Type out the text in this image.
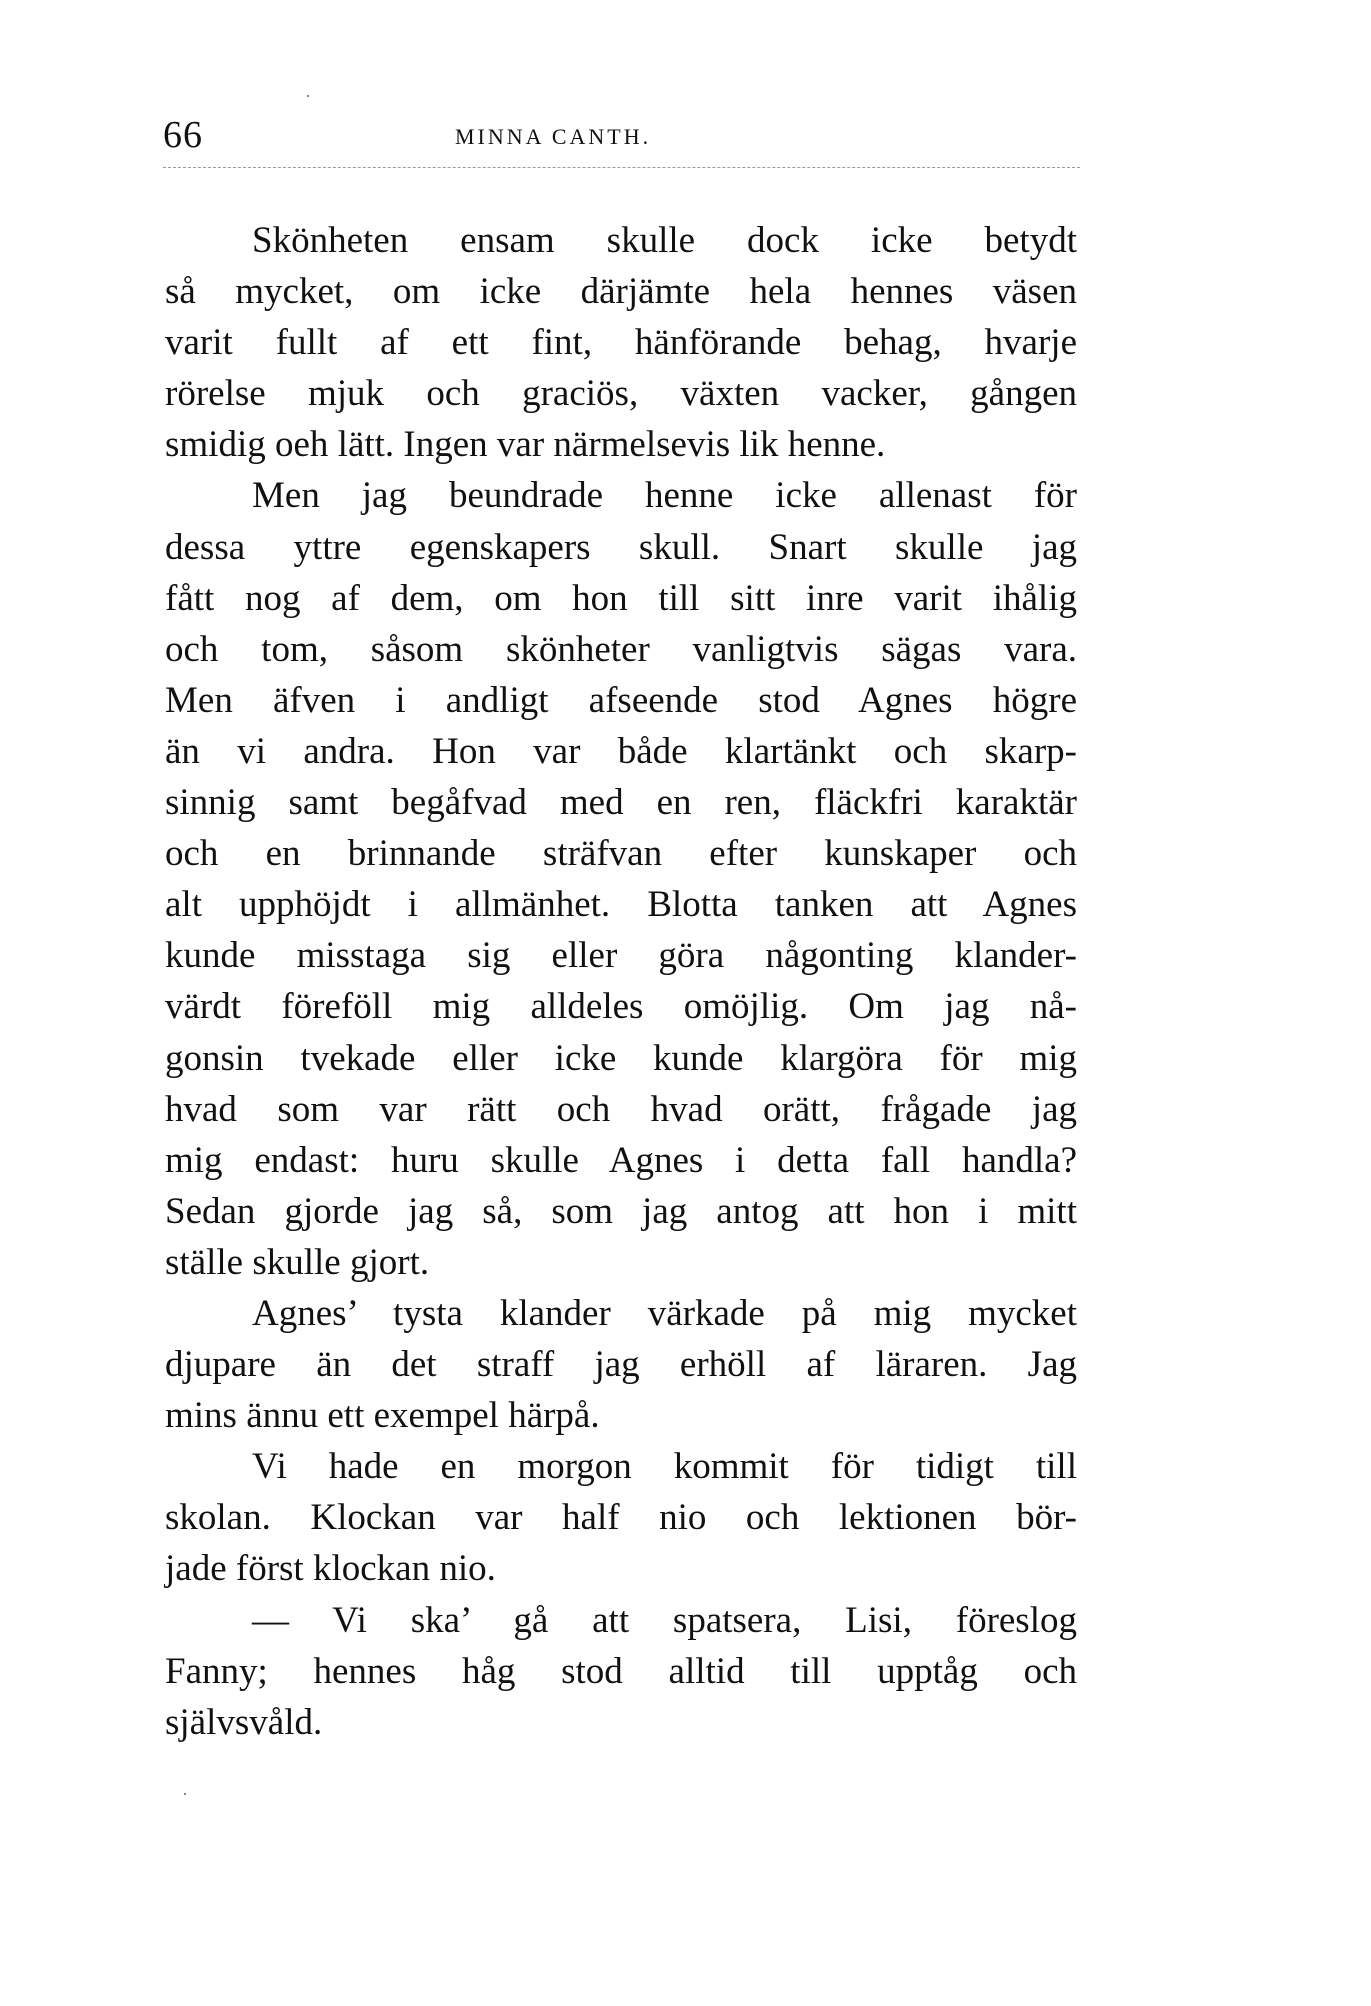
66	MINNA CANTH.
Skönheten ensam skulle dock icke betydt
så mycket, om icke därjämte hela hennes väsen
varit fullt af ett fint, hänförande behag, hvarje
rörelse mjuk och graciös, växten vacker, gången
smidig oeh lätt. Ingen var närmelsevis lik henne.
Men jag beundrade henne icke allenast för
dessa yttre egenskapers skull. Snart skulle jag
fått nog af dem, om hon till sitt inre varit ihålig
och tom, såsom skönheter vanligtvis sägas vara.
Men äfven i andligt afseende stod Agnes högre
än vi andra. Hon var både klartänkt och skarp-
sinnig samt begåfvad med en ren, fläckfri karaktär
och en brinnande sträfvan efter kunskaper och
alt upphöjdt i allmänhet. Blotta tanken att Agnes
kunde misstaga sig eller göra någonting klander-
värdt föreföll mig alldeles omöjlig. Om jag nå-
gonsin tvekade eller icke kunde klargöra för mig
hvad som var rätt och hvad orätt, frågade jag
mig endast: huru skulle Agnes i detta fall handla?
Sedan gjorde jag så, som jag antog att hon i mitt
ställe skulle gjort.
Agnes’ tysta klander värkade på mig mycket
djupare än det straff jag erhöll af läraren. Jag
mins ännu ett exempel härpå.
Vi hade en morgon kommit för tidigt till
skolan. Klockan var half nio och lektionen bör-
jade först klockan nio.
— Vi ska’ gå att spatsera, Lisi, föreslog
Fanny; hennes håg stod alltid till upptåg och
självsvåld.
